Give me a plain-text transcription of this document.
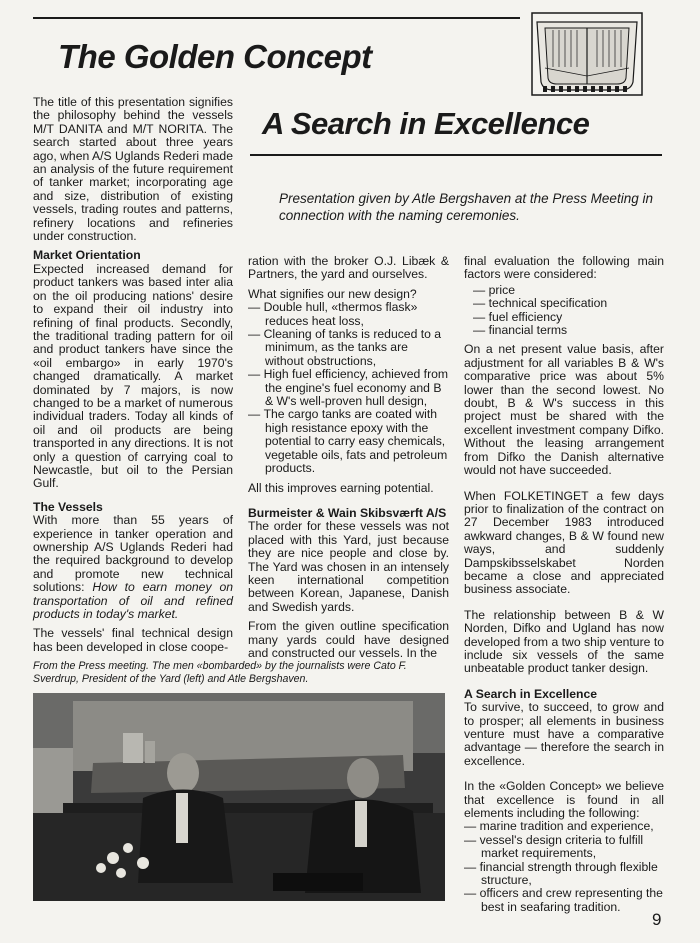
The Golden Concept
A Search in Excellence

Presentation given by Atle Bergshaven at the Press Meeting in connection with the naming ceremonies.

The title of this presentation signifies the philosophy behind the vessels M/T DANITA and M/T NORITA. The search started about three years ago, when A/S Uglands Rederi made an analysis of the future requirement of tanker market; incorporating age and size, distribution of existing vessels, trading routes and patterns, refinery locations and refineries under construction.

Market Orientation

Expected increased demand for product tankers was based inter alia on the oil producing nations' desire to expand their oil industry into refining of final products. Secondly, the traditional trading pattern for oil and product tankers have since the «oil embargo» in early 1970's changed dramatically. A market dominated by 7 majors, is now changed to be a market of numerous individual traders. Today all kinds of oil and oil products are being transported in any directions. It is not only a question of carrying coal to Newcastle, but oil to the Persian Gulf.

The Vessels

With more than 55 years of experience in tanker operation and ownership A/S Uglands Rederi had the required background to develop and promote new technical solutions: How to earn money on transportation of oil and refined products in today's market.

The vessels' final technical design has been developed in close coope-

ration with the broker O.J. Libæk & Partners, the yard and ourselves.

What signifies our new design?

— Double hull, «thermos flask» reduces heat loss,
— Cleaning of tanks is reduced to a minimum, as the tanks are without obstructions,
— High fuel efficiency, achieved from the engine's fuel economy and B & W's well-proven hull design,
— The cargo tanks are coated with high resistance epoxy with the potential to carry easy chemicals, vegetable oils, fats and petroleum products.

All this improves earning potential.

Burmeister & Wain Skibsværft A/S

The order for these vessels was not placed with this Yard, just because they are nice people and close by. The Yard was chosen in an intensely keen international competition between Korean, Japanese, Danish and Swedish yards.

From the given outline specification many yards could have designed and constructed our vessels. In the

final evaluation the following main factors were considered:

— price
— technical specification
— fuel efficiency
— financial terms

On a net present value basis, after adjustment for all variables B & W's comparative price was about 5% lower than the second lowest. No doubt, B & W's success in this project must be shared with the excellent investment company Difko. Without the leasing arrangement from Difko the Danish alternative would not have succeeded.

When FOLKETINGET a few days prior to finalization of the contract on 27 December 1983 introduced awkward changes, B & W found new ways, and suddenly Dampskibsselskabet Norden became a close and appreciated business associate.

The relationship between B & W Norden, Difko and Ugland has now developed from a two ship venture to include six vessels of the same unbeatable product tanker design.

A Search in Excellence

To survive, to succeed, to grow and to prosper; all elements in business venture must have a comparative advantage — therefore the search in excellence.

In the «Golden Concept» we believe that excellence is found in all elements including the following:

— marine tradition and experience,
— vessel's design criteria to fulfill market requirements,
— financial strength through flexible structure,
— officers and crew representing the best in seafaring tradition.

From the Press meeting. The men «bombarded» by the journalists were Cato F. Sverdrup, President of the Yard (left) and Atle Bergshaven.

9
